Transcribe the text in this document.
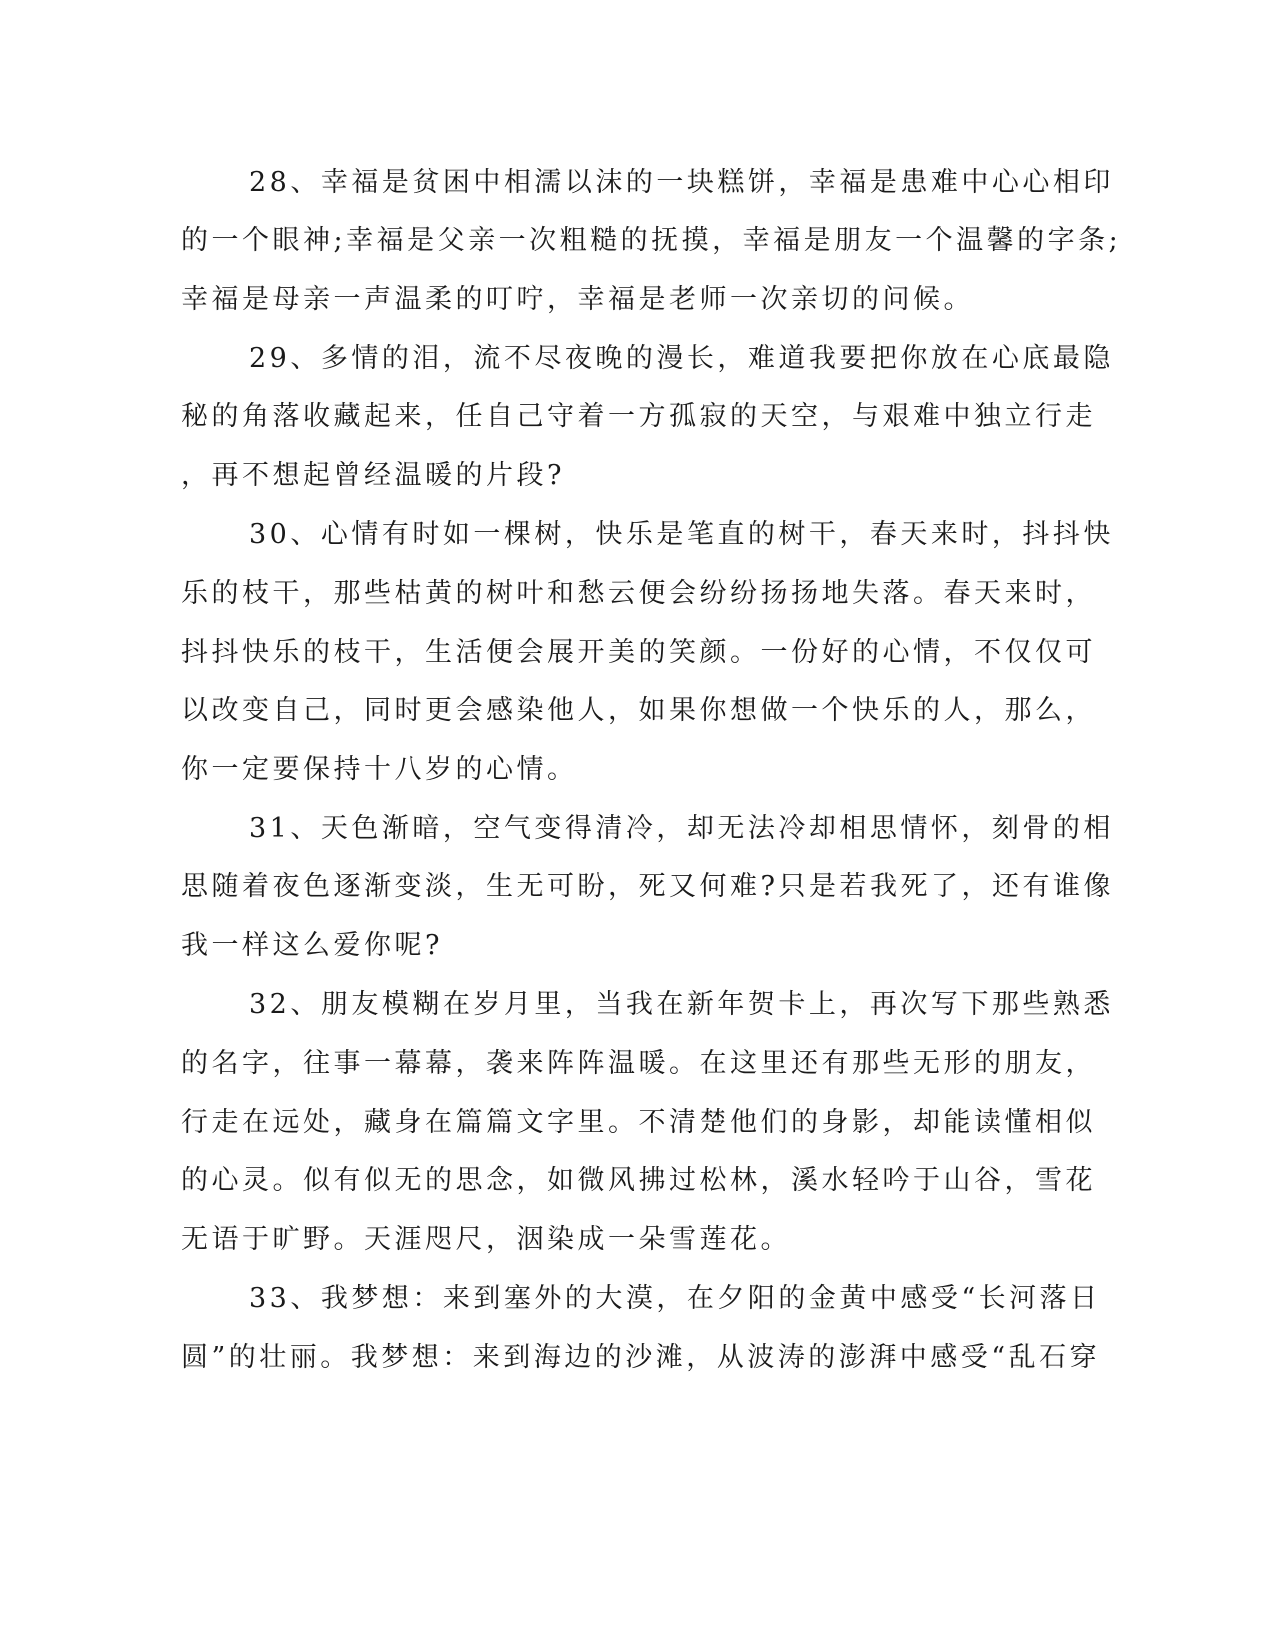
28、幸福是贫困中相濡以沫的一块糕饼，幸福是患难中心心相印

的一个眼神;幸福是父亲一次粗糙的抚摸，幸福是朋友一个温馨的字条;

幸福是母亲一声温柔的叮咛，幸福是老师一次亲切的问候。

29、多情的泪，流不尽夜晚的漫长，难道我要把你放在心底最隐

秘的角落收藏起来，任自己守着一方孤寂的天空，与艰难中独立行走

，再不想起曾经温暖的片段?

30、心情有时如一棵树，快乐是笔直的树干，春天来时，抖抖快

乐的枝干，那些枯黄的树叶和愁云便会纷纷扬扬地失落。春天来时，

抖抖快乐的枝干，生活便会展开美的笑颜。一份好的心情，不仅仅可

以改变自己，同时更会感染他人，如果你想做一个快乐的人，那么，

你一定要保持十八岁的心情。

31、天色渐暗，空气变得清冷，却无法冷却相思情怀，刻骨的相

思随着夜色逐渐变淡，生无可盼，死又何难?只是若我死了，还有谁像

我一样这么爱你呢?

32、朋友模糊在岁月里，当我在新年贺卡上，再次写下那些熟悉

的名字，往事一幕幕，袭来阵阵温暖。在这里还有那些无形的朋友，

行走在远处，藏身在篇篇文字里。不清楚他们的身影，却能读懂相似

的心灵。似有似无的思念，如微风拂过松林，溪水轻吟于山谷，雪花

无语于旷野。天涯咫尺，洇染成一朵雪莲花。

33、我梦想：来到塞外的大漠，在夕阳的金黄中感受“长河落日

圆”的壮丽。我梦想：来到海边的沙滩，从波涛的澎湃中感受“乱石穿
